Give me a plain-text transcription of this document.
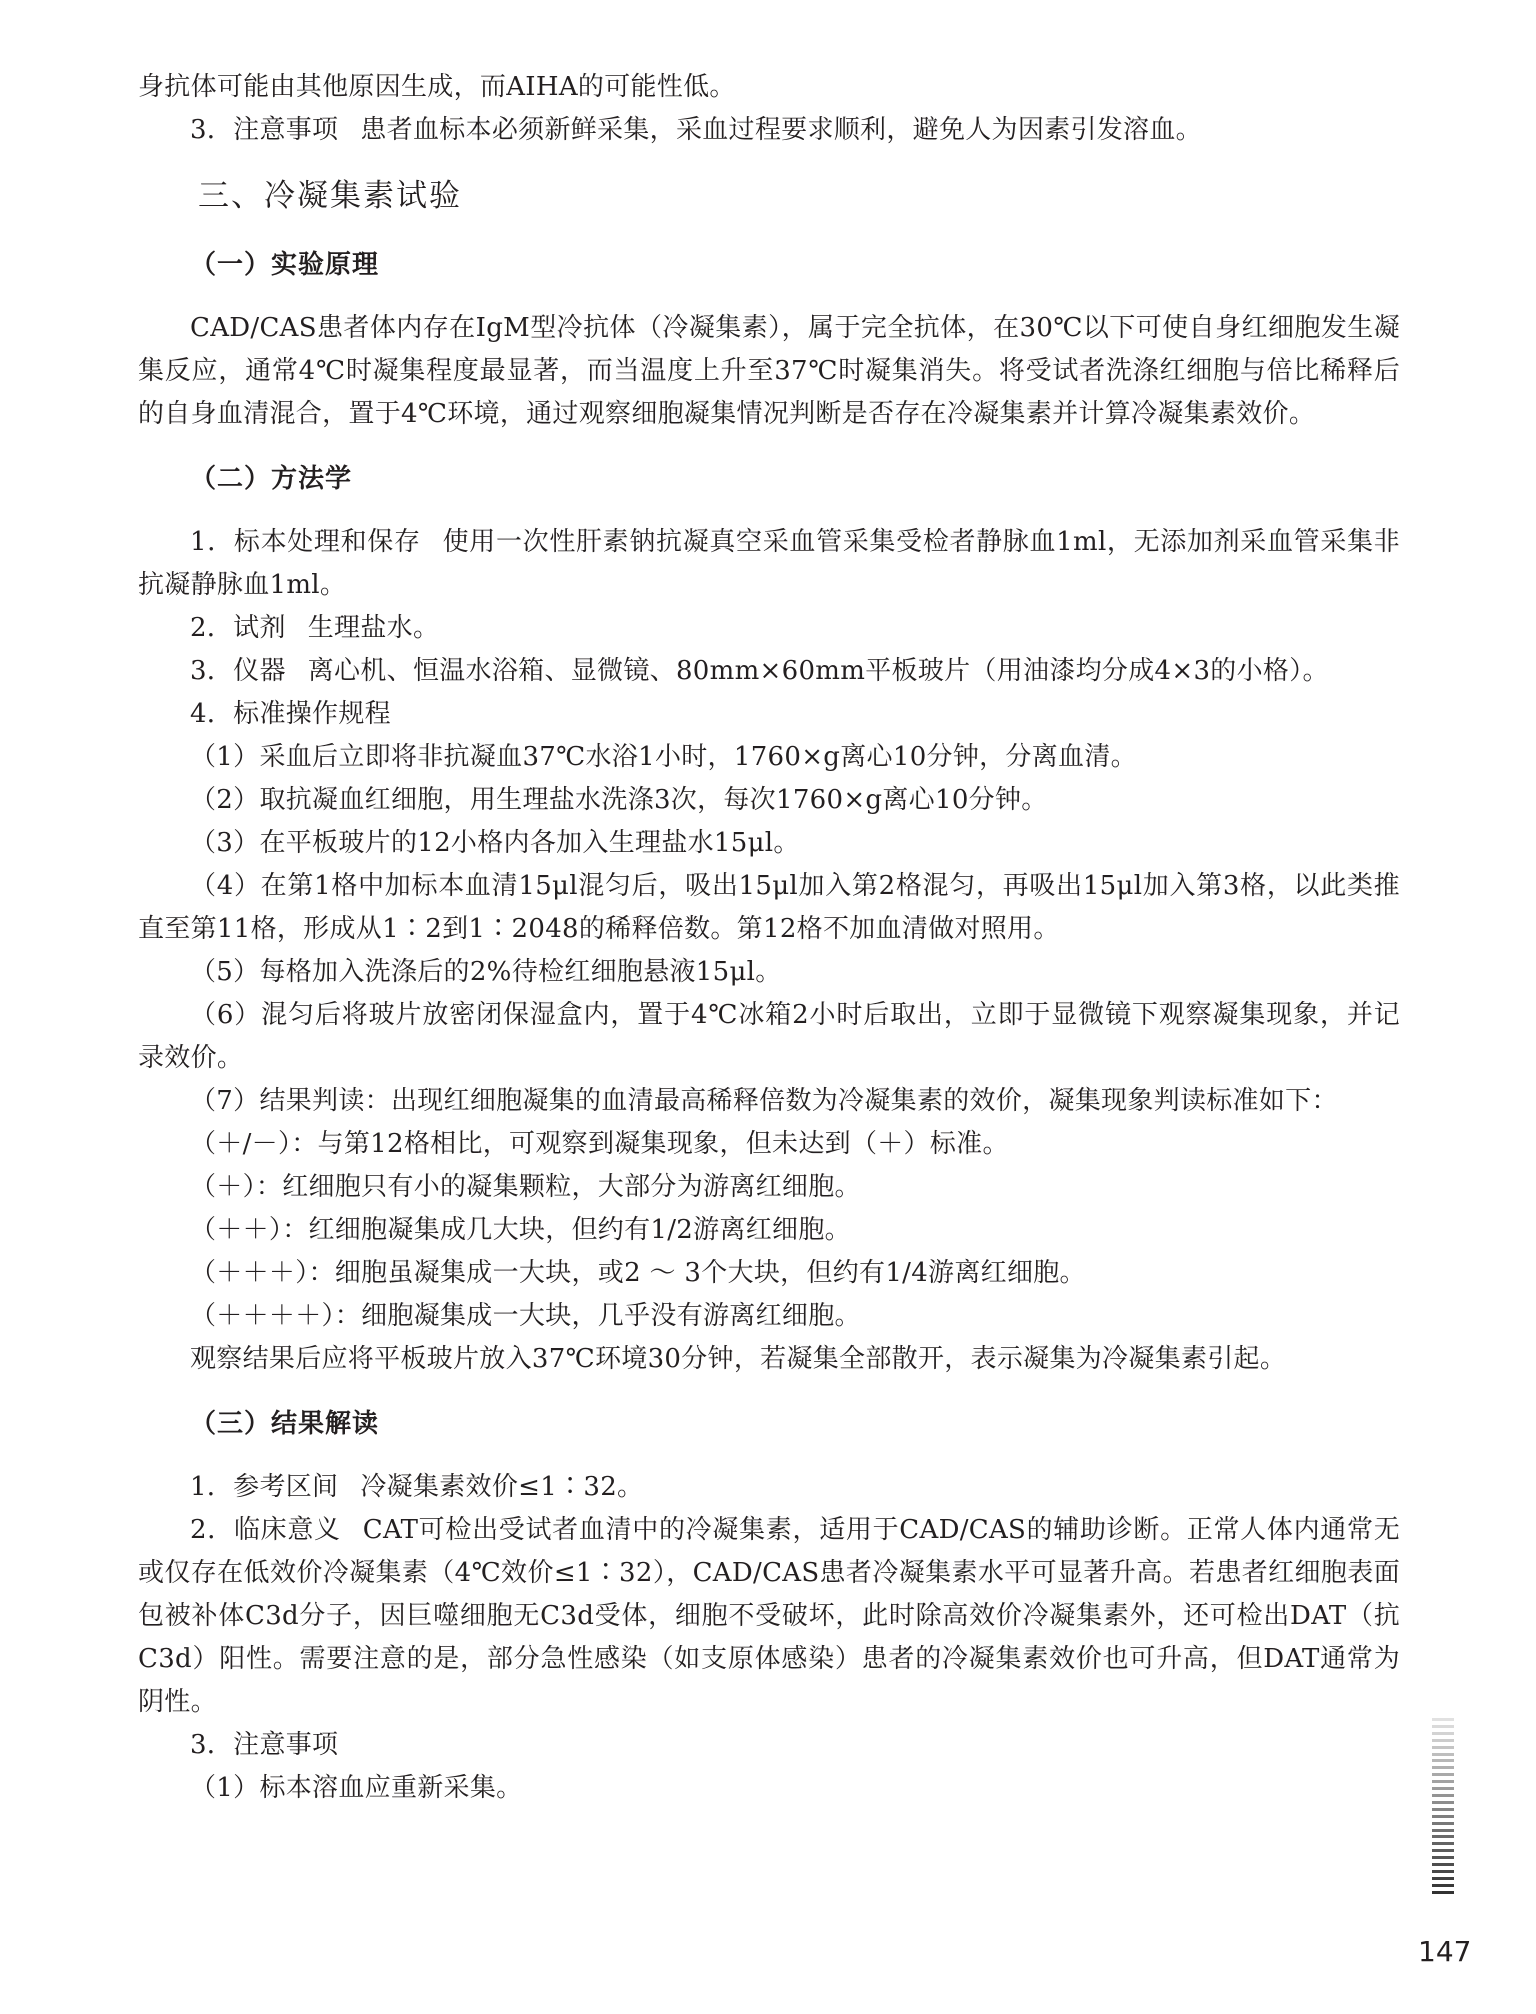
身抗体可能由其他原因生成，而AIHA的可能性低。

3．注意事项 患者血标本必须新鲜采集，采血过程要求顺利，避免人为因素引发溶血。

三、冷凝集素试验
（一）实验原理

CAD/CAS患者体内存在IgM型冷抗体（冷凝集素），属于完全抗体，在30℃以下可使自身红细胞发生凝集反应，通常4℃时凝集程度最显著，而当温度上升至37℃时凝集消失。将受试者洗涤红细胞与倍比稀释后的自身血清混合，置于4℃环境，通过观察细胞凝集情况判断是否存在冷凝集素并计算冷凝集素效价。

（二）方法学

1．标本处理和保存 使用一次性肝素钠抗凝真空采血管采集受检者静脉血1ml，无添加剂采血管采集非抗凝静脉血1ml。

2．试剂 生理盐水。

3．仪器 离心机、恒温水浴箱、显微镜、80mm×60mm平板玻片（用油漆均分成4×3的小格）。

4．标准操作规程

（1）采血后立即将非抗凝血37℃水浴1小时，1760×g离心10分钟，分离血清。

（2）取抗凝血红细胞，用生理盐水洗涤3次，每次1760×g离心10分钟。

（3）在平板玻片的12小格内各加入生理盐水15μl。

（4）在第1格中加标本血清15μl混匀后，吸出15μl加入第2格混匀，再吸出15μl加入第3格，以此类推直至第11格，形成从1∶2到1∶2048的稀释倍数。第12格不加血清做对照用。

（5）每格加入洗涤后的2%待检红细胞悬液15μl。

（6）混匀后将玻片放密闭保湿盒内，置于4℃冰箱2小时后取出，立即于显微镜下观察凝集现象，并记录效价。

（7）结果判读：出现红细胞凝集的血清最高稀释倍数为冷凝集素的效价，凝集现象判读标准如下：

（＋/－）：与第12格相比，可观察到凝集现象，但未达到（＋）标准。

（＋）：红细胞只有小的凝集颗粒，大部分为游离红细胞。

（＋＋）：红细胞凝集成几大块，但约有1/2游离红细胞。

（＋＋＋）：细胞虽凝集成一大块，或2 ～ 3个大块，但约有1/4游离红细胞。

（＋＋＋＋）：细胞凝集成一大块，几乎没有游离红细胞。

观察结果后应将平板玻片放入37℃环境30分钟，若凝集全部散开，表示凝集为冷凝集素引起。

（三）结果解读

1．参考区间 冷凝集素效价≤1∶32。

2．临床意义 CAT可检出受试者血清中的冷凝集素，适用于CAD/CAS的辅助诊断。正常人体内通常无或仅存在低效价冷凝集素（4℃效价≤1∶32），CAD/CAS患者冷凝集素水平可显著升高。若患者红细胞表面包被补体C3d分子，因巨噬细胞无C3d受体，细胞不受破坏，此时除高效价冷凝集素外，还可检出DAT（抗C3d）阳性。需要注意的是，部分急性感染（如支原体感染）患者的冷凝集素效价也可升高，但DAT通常为阴性。

3．注意事项

（1）标本溶血应重新采集。

147
